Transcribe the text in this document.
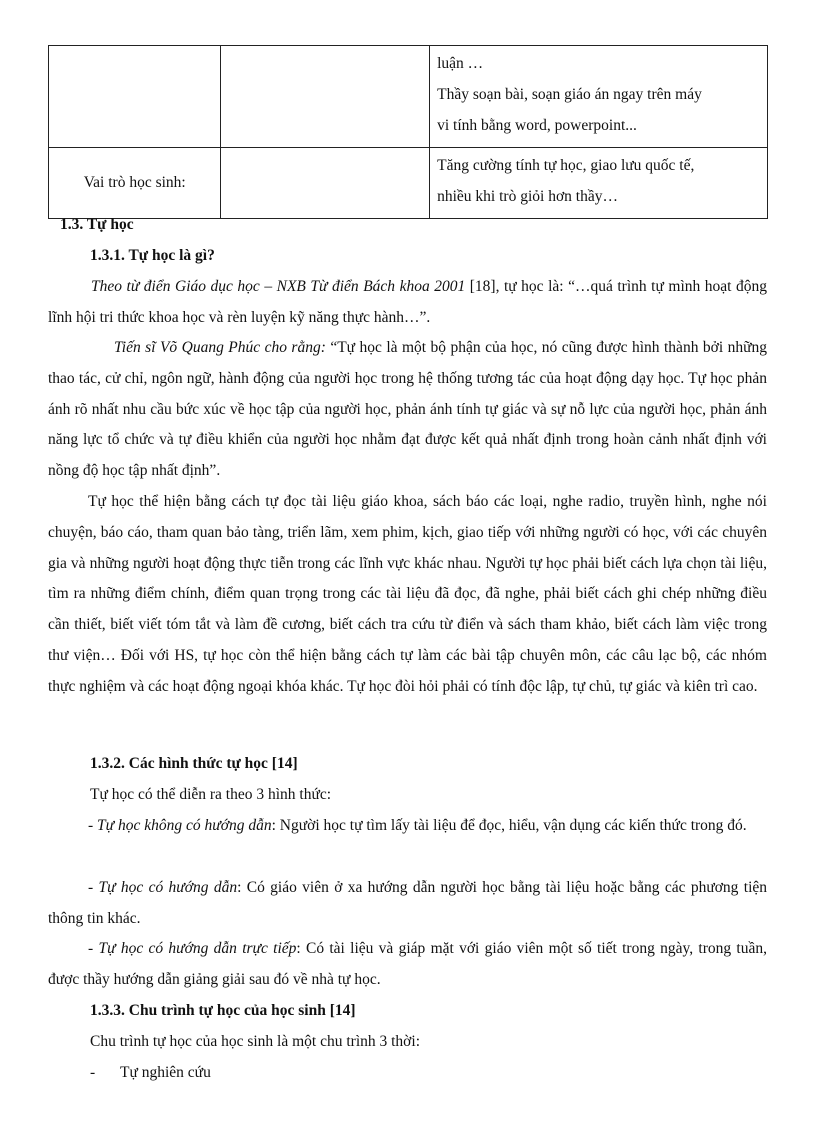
		luận …
Thầy soạn bài, soạn giáo án ngay trên máy
vi tính bằng word, powerpoint...

Vai trò học sinh:		Tăng cường tính tự học, giao lưu quốc tế,
nhiều khi trò giỏi hơn thầy…
1.3. Tự học
1.3.1. Tự học là gì?
Theo từ điển Giáo dục học – NXB Từ điển Bách khoa 2001 [18], tự học là: “…quá trình tự mình hoạt động lĩnh hội tri thức khoa học và rèn luyện kỹ năng thực hành…”.
Tiến sĩ Võ Quang Phúc cho rằng: “Tự học là một bộ phận của học, nó cũng được hình thành bởi những thao tác, cử chỉ, ngôn ngữ, hành động của người học trong hệ thống tương tác của hoạt động dạy học. Tự học phản ánh rõ nhất nhu cầu bức xúc về học tập của người học, phản ánh tính tự giác và sự nỗ lực của người học, phản ánh năng lực tổ chức và tự điều khiển của người học nhằm đạt được kết quả nhất định trong hoàn cảnh nhất định với nồng độ học tập nhất định”.
Tự học thể hiện bằng cách tự đọc tài liệu giáo khoa, sách báo các loại, nghe radio, truyền hình, nghe nói chuyện, báo cáo, tham quan bảo tàng, triển lãm, xem phim, kịch, giao tiếp với những người có học, với các chuyên gia và những người hoạt động thực tiễn trong các lĩnh vực khác nhau. Người tự học phải biết cách lựa chọn tài liệu, tìm ra những điểm chính, điểm quan trọng trong các tài liệu đã đọc, đã nghe, phải biết cách ghi chép những điều cần thiết, biết viết tóm tắt và làm đề cương, biết cách tra cứu từ điển và sách tham khảo, biết cách làm việc trong thư viện… Đối với HS, tự học còn thể hiện bằng cách tự làm các bài tập chuyên môn, các câu lạc bộ, các nhóm thực nghiệm và các hoạt động ngoại khóa khác. Tự học đòi hỏi phải có tính độc lập, tự chủ, tự giác và kiên trì cao.
1.3.2. Các hình thức tự học [14]
Tự học có thể diễn ra theo 3 hình thức:
- Tự học không có hướng dẫn: Người học tự tìm lấy tài liệu để đọc, hiểu, vận dụng các kiến thức trong đó.
- Tự học có hướng dẫn: Có giáo viên ở xa hướng dẫn người học bằng tài liệu hoặc bằng các phương tiện thông tin khác.
- Tự học có hướng dẫn trực tiếp: Có tài liệu và giáp mặt với giáo viên một số tiết trong ngày, trong tuần, được thầy hướng dẫn giảng giải sau đó về nhà tự học.
1.3.3. Chu trình tự học của học sinh [14]
Chu trình tự học của học sinh là một chu trình 3 thời:
- Tự nghiên cứu
